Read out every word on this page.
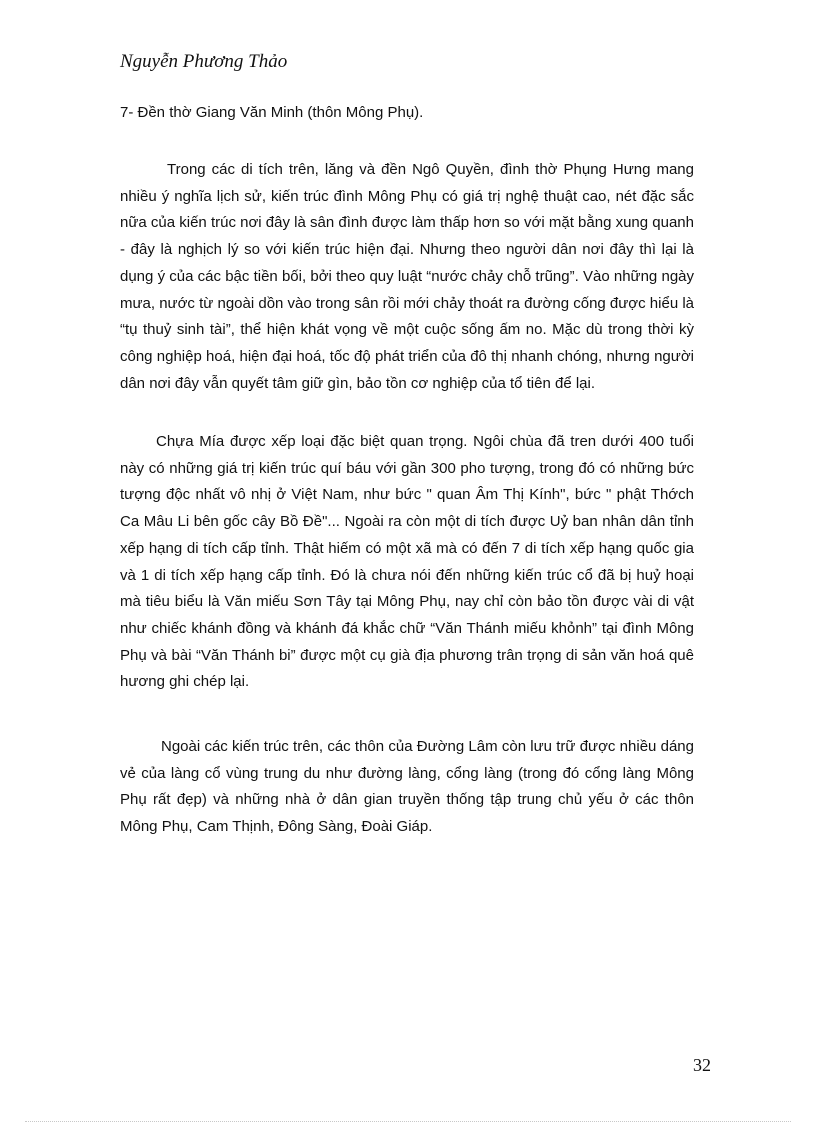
Nguyễn Phương Thảo

7- Đền thờ Giang Văn Minh (thôn Mông Phụ).

Trong các di tích trên, lăng và đền Ngô Quyền, đình thờ Phụng Hưng mang nhiều ý nghĩa lịch sử, kiến trúc đình Mông Phụ có giá trị nghệ thuật cao, nét đặc sắc nữa của kiến trúc nơi đây là sân đình được làm thấp hơn so với mặt bằng xung quanh - đây là nghịch lý so với kiến trúc hiện đại. Nhưng theo người dân nơi đây thì lại là dụng ý của các bậc tiền bối, bởi theo quy luật “nước chảy chỗ trũng”. Vào những ngày mưa, nước từ ngoài dồn vào trong sân rồi mới chảy thoát ra đường cống được hiểu là “tụ thuỷ sinh tài”, thể hiện khát vọng về một cuộc sống ấm no. Mặc dù trong thời kỳ công nghiệp hoá, hiện đại hoá, tốc độ phát triển của đô thị nhanh chóng, nhưng người dân nơi đây vẫn quyết tâm giữ gìn, bảo tồn cơ nghiệp của tổ tiên để lại.

Chựa Mía được xếp loại đặc biệt quan trọng. Ngôi chùa đã tren dưới 400 tuổi này có những giá trị kiến trúc quí báu với gần 300 pho tượng, trong đó có những bức tượng độc nhất vô nhị ở Việt Nam, như bức " quan Âm Thị Kính", bức " phật Thớch Ca Mâu Li bên gốc cây Bồ Đề"... Ngoài ra còn một di tích được Uỷ ban nhân dân tỉnh xếp hạng di tích cấp tỉnh. Thật hiếm có một xã mà có đến 7 di tích xếp hạng quốc gia và 1 di tích xếp hạng cấp tỉnh. Đó là chưa nói đến những kiến trúc cổ đã bị huỷ hoại mà tiêu biểu là Văn miếu Sơn Tây tại Mông Phụ, nay chỉ còn bảo tồn được vài di vật như chiếc khánh đồng và khánh đá khắc chữ “Văn Thánh miếu khỏnh” tại đình Mông Phụ và bài “Văn Thánh bi” được một cụ già địa phương trân trọng di sản văn hoá quê hương ghi chép lại.

Ngoài các kiến trúc trên, các thôn của Đường Lâm còn lưu trữ được nhiều dáng vẻ của làng cổ vùng trung du như đường làng, cổng làng (trong đó cổng làng Mông Phụ rất đẹp) và những nhà ở dân gian truyền thống tập trung chủ yếu ở các thôn Mông Phụ, Cam Thịnh, Đông Sàng, Đoài Giáp.

32
